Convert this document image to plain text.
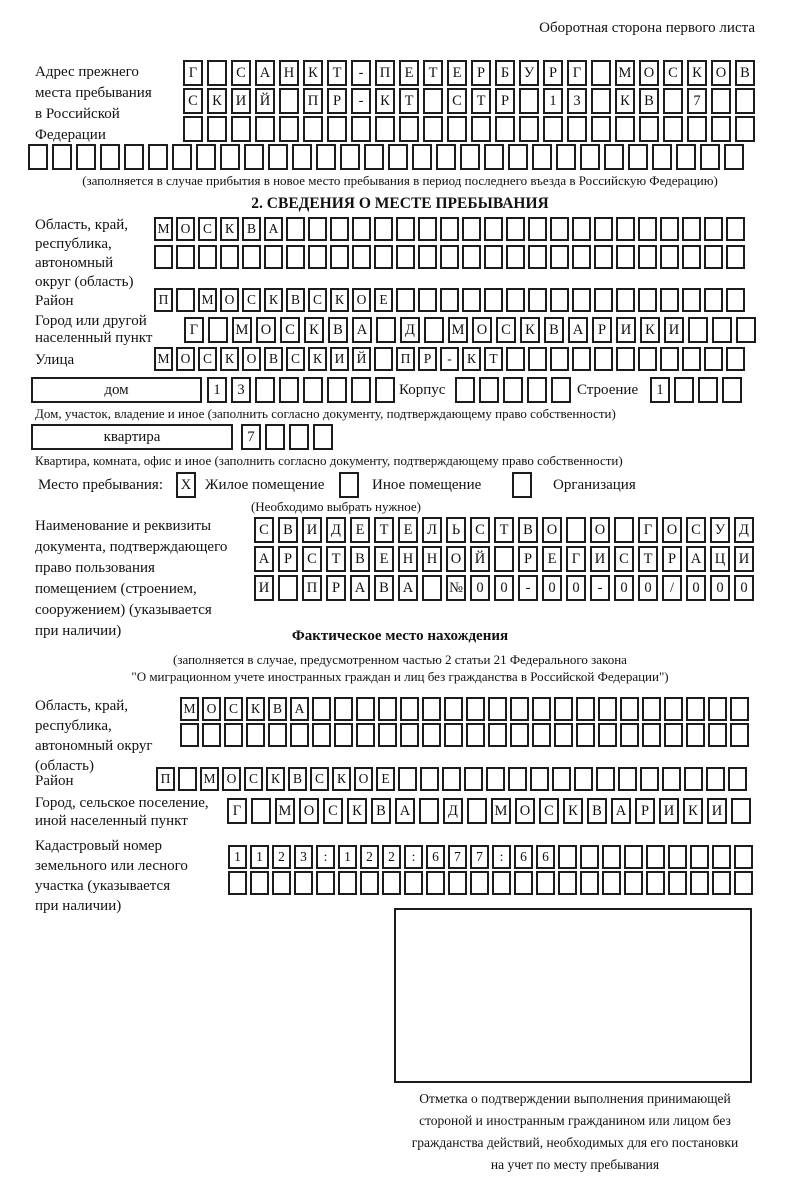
Оборотная сторона первого листа
Адрес прежнего
места пребывания
в Российской
Федерации
Г	С А Н К	Т	-	П Е	Т	Е	Р	Б	У	Р	Г	М О С К О В
С К И Й	П	Р	-	К	Т	С	Т	Р	1	3	К В	7
(заполняется в случае прибытия в новое место пребывания в период последнего въезда в Российскую Федерацию)
2. СВЕДЕНИЯ О МЕСТЕ ПРЕБЫВАНИЯ
Область, край,
республика,
автономный
округ (область)
М О С К В А
Район	П	М О С К В С К О Е
Город или другой
населенный пункт
Г	М О С К В А	Д	М О С К В А	Р	И К И
Улица	М О С К О В С К И Й	П Р	-	К Т
дом	1	3	Корпус	Строение	1
Дом, участок, владение и иное (заполнить согласно документу, подтверждающему право собственности)
квартира	7
Квартира, комната, офис и иное (заполнить согласно документу, подтверждающему право собственности)
Место пребывания:	X Жилое помещение	Иное помещение	Организация
(Необходимо выбрать нужное)
Наименование и реквизиты
документа, подтверждающего
право пользования
помещением (строением,
сооружением) (указывается
при наличии)
С В И Д	Е	Т	Е	Л	Ь	С	Т	В О	О	Г	О С У Д
А	Р	С	Т	В	Е Н Н О Й	Р	Е	Г	И С	Т	Р	А Ц И
И	П	Р	А В А	№ 0	0	-	0	0	-	0	0	/	0	0	0
Фактическое место нахождения
(заполняется в случае, предусмотренном частью 2 статьи 21 Федерального закона
"О миграционном учете иностранных граждан и лиц без гражданства в Российской Федерации")
Область, край,
республика,
автономный округ
(область)
М О С К В А
Район	П	М О С К В С К О Е
Город, сельское поселение,
иной населенный пункт
Г	М О С К В А	Д	М О С К В А	Р	И К И
Кадастровый номер
земельного или лесного
участка (указывается
при наличии)
1	1	2	3	:	1	2	2	:	6	7	7	:	6	6
Отметка о подтверждении выполнения принимающей
стороной и иностранным гражданином или лицом без
гражданства действий, необходимых для его постановки
на учет по месту пребывания
